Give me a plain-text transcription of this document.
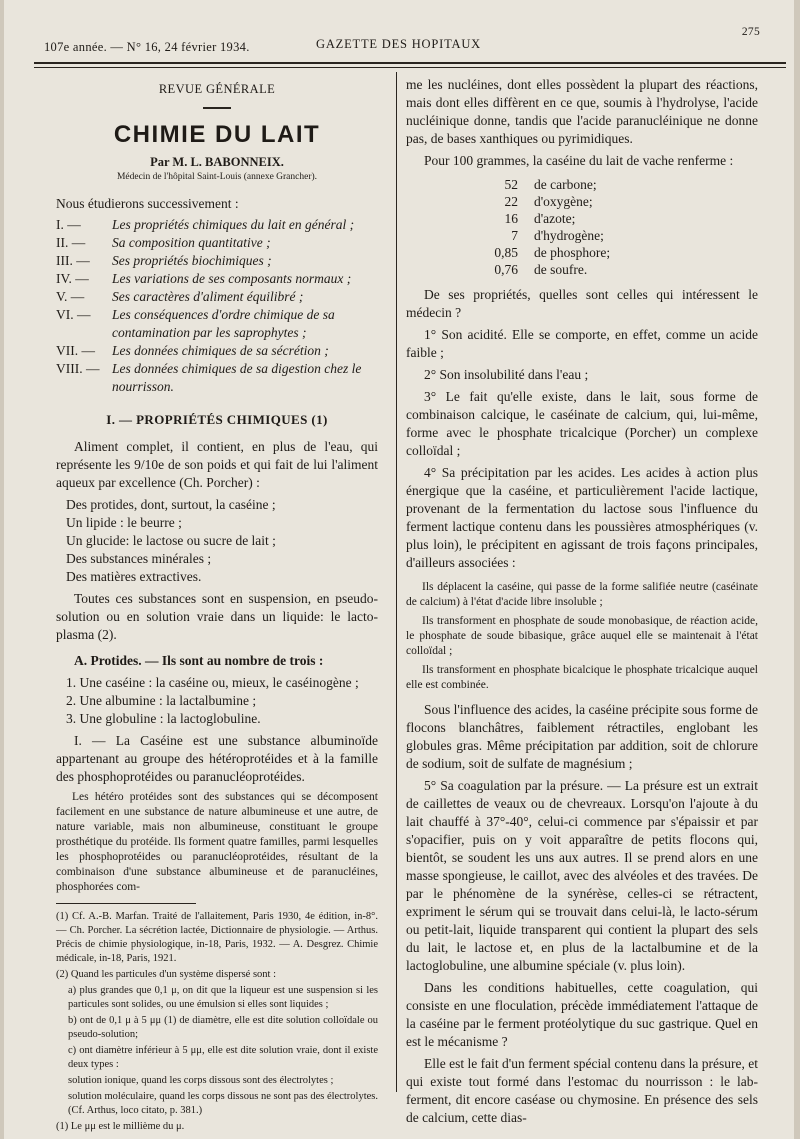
107e année. — N° 16, 24 février 1934.	GAZETTE DES HOPITAUX
275

REVUE GÉNÉRALE

CHIMIE DU LAIT

Par M. L. BABONNEIX.

Médecin de l'hôpital Saint-Louis (annexe Grancher).

Nous étudierons successivement :

I. —	Les propriétés chimiques du lait en général ;
II. —	Sa composition quantitative ;
III. —	Ses propriétés biochimiques ;
IV. —	Les variations de ses composants normaux ;
V. —	Ses caractères d'aliment équilibré ;
VI. —	Les conséquences d'ordre chimique de sa contamination par les saprophytes ;
VII. —	Les données chimiques de sa sécrétion ;
VIII. — Les données chimiques de sa digestion chez le nourrisson.

I. — PROPRIÉTÉS CHIMIQUES (1)

Aliment complet, il contient, en plus de l'eau, qui représente les 9/10e de son poids et qui fait de lui l'aliment aqueux par excellence (Ch. Porcher) :

Des protides, dont, surtout, la caséine ;
Un lipide : le beurre ;
Un glucide: le lactose ou sucre de lait ;
Des substances minérales ;
Des matières extractives.

Toutes ces substances sont en suspension, en pseudo-solution ou en solution vraie dans un liquide: le lacto-plasma (2).

A. Protides. — Ils sont au nombre de trois :

1. Une caséine : la caséine ou, mieux, le caséinogène ;
2. Une albumine : la lactalbumine ;
3. Une globuline : la lactoglobuline.

I. — La Caséine est une substance albuminoïde appartenant au groupe des hétéroprotéides et à la famille des phosphoprotéides ou paranucléoprotéides.

Les hétéro protéides sont des substances qui se décomposent facilement en une substance de nature albumineuse et une autre, de nature variable, mais non albumineuse, constituant le groupe prosthétique du protéide. Ils forment quatre familles, parmi lesquelles les phosphoprotéides ou paranucléoprotéides, résultant de la combinaison d'une substance albumineuse et de paranucléines, phosphorées com-

(1) Cf. A.-B. Marfan. Traité de l'allaitement, Paris 1930, 4e édition, in-8°. — Ch. Porcher. La sécrétion lactée, Dictionnaire de physiologie. — Arthus. Précis de chimie physiologique, in-18, Paris, 1932. — A. Desgrez. Chimie médicale, in-18, Paris, 1921.

(2) Quand les particules d'un système dispersé sont :

a) plus grandes que 0,1 μ, on dit que la liqueur est une suspension si les particules sont solides, ou une émulsion si elles sont liquides ;

b) ont de 0,1 μ à 5 μμ (1) de diamètre, elle est dite solution colloïdale ou pseudo-solution;

c) ont diamètre inférieur à 5 μμ, elle est dite solution vraie, dont il existe deux types :

solution ionique, quand les corps dissous sont des électrolytes ;

solution moléculaire, quand les corps dissous ne sont pas des électrolytes. (Cf. Arthus, loco citato, p. 381.)

(1) Le μμ est le millième du μ.

me les nucléines, dont elles possèdent la plupart des réactions, mais dont elles diffèrent en ce que, soumis à l'hydrolyse, l'acide nucléinique donne, tandis que l'acide paranucléinique ne donne pas, de bases xanthiques ou pyrimidiques.

Pour 100 grammes, la caséine du lait de vache renferme :

52	de carbone;
22	d'oxygène;
16	d'azote;
7	d'hydrogène;
0,85	de phosphore;
0,76	de soufre.

De ses propriétés, quelles sont celles qui intéressent le médecin ?

1° Son acidité. Elle se comporte, en effet, comme un acide faible ;

2° Son insolubilité dans l'eau ;

3° Le fait qu'elle existe, dans le lait, sous forme de combinaison calcique, le caséinate de calcium, qui, lui-même, forme avec le phosphate tricalcique (Porcher) un complexe colloïdal ;

4° Sa précipitation par les acides. Les acides à action plus énergique que la caséine, et particulièrement l'acide lactique, provenant de la fermentation du lactose sous l'influence du ferment lactique contenu dans les poussières atmosphériques (v. plus loin), le précipitent en agissant de trois façons principales, d'ailleurs associées :

Ils déplacent la caséine, qui passe de la forme salifiée neutre (caséinate de calcium) à l'état d'acide libre insoluble ;

Ils transforment en phosphate de soude monobasique, de réaction acide, le phosphate de soude bibasique, grâce auquel elle se maintenait à l'état colloïdal ;

Ils transforment en phosphate bicalcique le phosphate tricalcique auquel elle est combinée.

Sous l'influence des acides, la caséine précipite sous forme de flocons blanchâtres, faiblement rétractiles, englobant les globules gras. Même précipitation par addition, soit de chlorure de sodium, soit de sulfate de magnésium ;

5° Sa coagulation par la présure. — La présure est un extrait de caillettes de veaux ou de chevreaux. Lorsqu'on l'ajoute à du lait chauffé à 37°-40°, celui-ci commence par s'épaissir et par s'opacifier, puis on y voit apparaître de petits flocons qui, bientôt, se soudent les uns aux autres. Il se prend alors en une masse spongieuse, le caillot, avec des alvéoles et des travées. De par le phénomène de la synérèse, celles-ci se rétractent, expriment le sérum qui se trouvait dans celui-là, le lacto-sérum ou petit-lait, liquide transparent qui contient la plupart des sels du lait, le lactose et, en plus de la lactalbumine et de la lactoglobuline, une albumine spéciale (v. plus loin).

Dans les conditions habituelles, cette coagulation, qui consiste en une floculation, précède immédiatement l'attaque de la caséine par le ferment protéolytique du suc gastrique. Quel en est le mécanisme ?

Elle est le fait d'un ferment spécial contenu dans la présure, et qui existe tout formé dans l'estomac du nourrisson : le lab-ferment, dit encore caséase ou chymosine. En présence des sels de calcium, cette dias-
